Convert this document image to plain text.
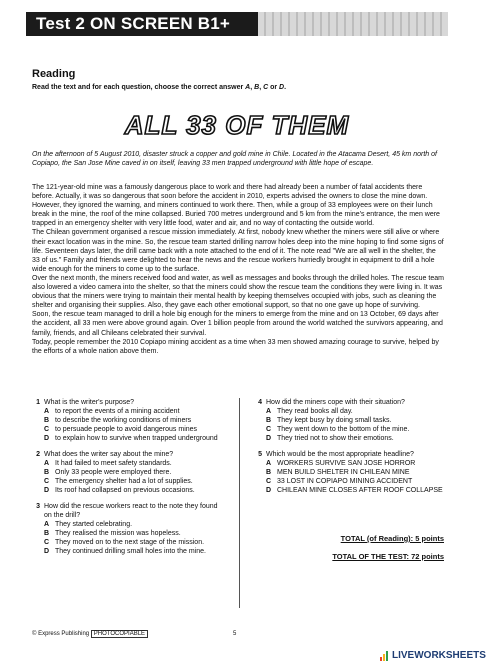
Test 2 ON SCREEN B1+
Reading
Read the text and for each question, choose the correct answer A, B, C or D.
ALL 33 OF THEM
On the afternoon of 5 August 2010, disaster struck a copper and gold mine in Chile. Located in the Atacama Desert, 45 km north of Copiapo, the San Jose Mine caved in on itself, leaving 33 men trapped underground with little hope of escape.

The 121-year-old mine was a famously dangerous place to work and there had already been a number of fatal accidents there before. Actually, it was so dangerous that soon before the accident in 2010, experts advised the owners to close the mine down. However, they ignored the warning, and miners continued to work there. Then, while a group of 33 employees were on their lunch break in the mine, the roof of the mine collapsed. Buried 700 metres underground and 5 km from the mine's entrance, the men were trapped in an emergency shelter with very little food, water and air, and no way of contacting the outside world.

The Chilean government organised a rescue mission immediately. At first, nobody knew whether the miners were still alive or where their exact location was in the mine. So, the rescue team started drilling narrow holes deep into the mine hoping to find some signs of life. Seventeen days later, the drill came back with a note attached to the end of it. The note read "We are all well in the shelter, the 33 of us." Family and friends were delighted to hear the news and the rescue workers hurriedly brought in equipment to drill a hole wide enough for the miners to come up to the surface.

Over the next month, the miners received food and water, as well as messages and books through the drilled holes. The rescue team also lowered a video camera into the shelter, so that the miners could show the rescue team the conditions they were living in. It was obvious that the miners were trying to maintain their mental health by keeping themselves occupied with jobs, such as cleaning the shelter and organising their supplies. Also, they gave each other emotional support, so that no one gave up hope of surviving.

Soon, the rescue team managed to drill a hole big enough for the miners to emerge from the mine and on 13 October, 69 days after the accident, all 33 men were above ground again. Over 1 billion people from around the world watched the survivors appearing, and family, friends, and all Chileans celebrated their survival.

Today, people remember the 2010 Copiapo mining accident as a time when 33 men showed amazing courage to survive, helped by the efforts of a whole nation above them.

1 What is the writer's purpose?
A to report the events of a mining accident
B to describe the working conditions of miners
C to persuade people to avoid dangerous mines
D to explain how to survive when trapped underground
2 What does the writer say about the mine?
A It had failed to meet safety standards.
B Only 33 people were employed there.
C The emergency shelter had a lot of supplies.
D Its roof had collapsed on previous occasions.
3 How did the rescue workers react to the note they found on the drill?
A They started celebrating.
B They realised the mission was hopeless.
C They moved on to the next stage of the mission.
D They continued drilling small holes into the mine.
4 How did the miners cope with their situation?
A They read books all day.
B They kept busy by doing small tasks.
C They went down to the bottom of the mine.
D They tried not to show their emotions.
5 Which would be the most appropriate headline?
A WORKERS SURVIVE SAN JOSE HORROR
B MEN BUILD SHELTER IN CHILEAN MINE
C 33 LOST IN COPIAPO MINING ACCIDENT
D CHILEAN MINE CLOSES AFTER ROOF COLLAPSE
TOTAL (of Reading): 5 points
TOTAL OF THE TEST: 72 points
© Express Publishing PHOTOCOPIABLE	5
LIVEWORKSHEETS
